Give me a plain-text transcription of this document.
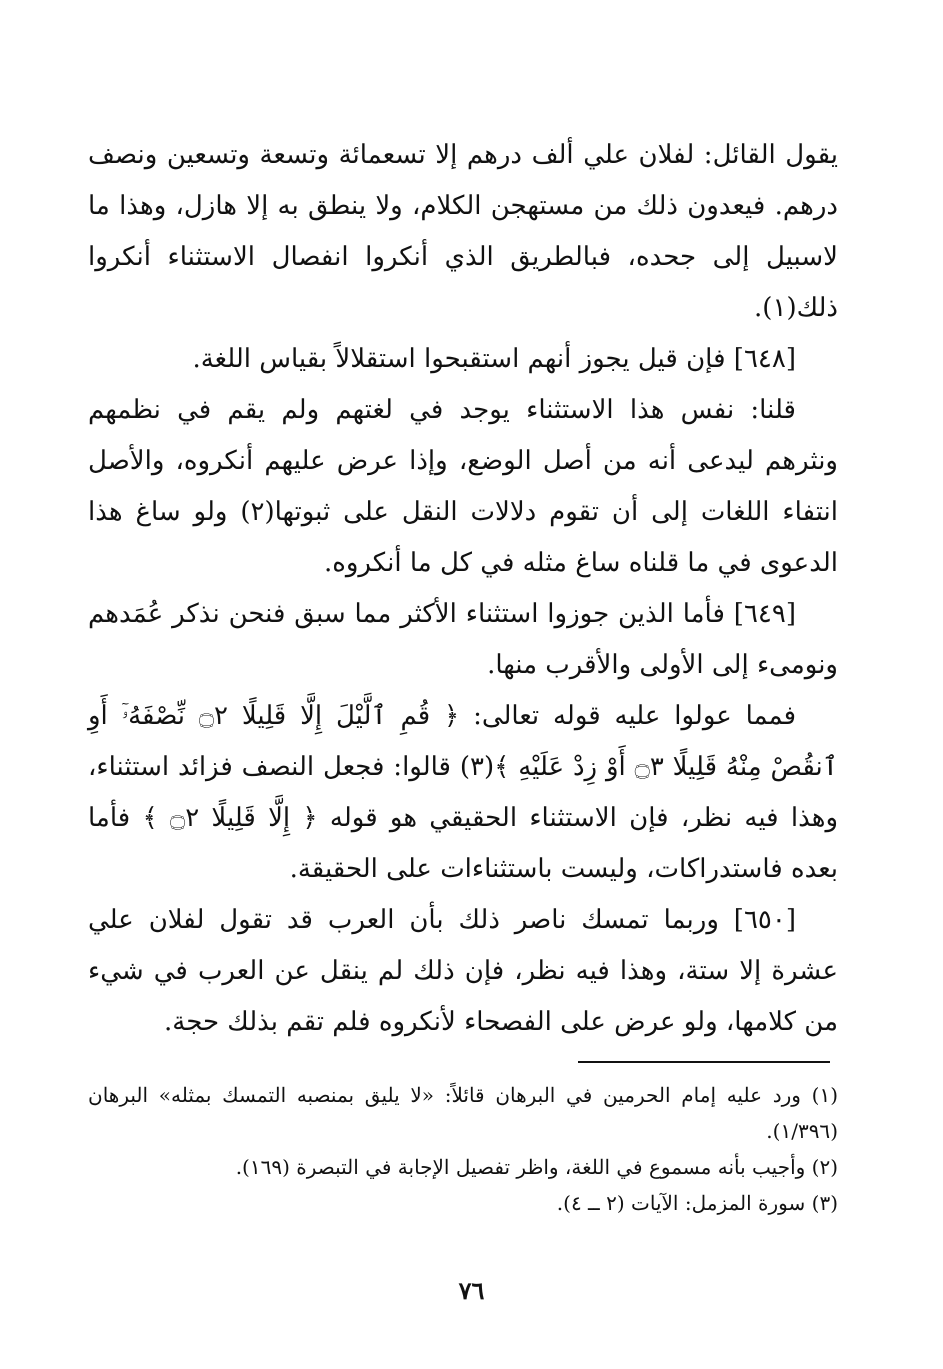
يقول القائل: لفلان علي ألف درهم إلا تسعمائة وتسعة وتسعين ونصف درهم. فيعدون ذلك من مستهجن الكلام، ولا ينطق به إلا هازل، وهذا ما لاسبيل إلى جحده، فبالطريق الذي أنكروا انفصال الاستثناء أنكروا ذلك(١).

[٦٤٨] فإن قيل يجوز أنهم استقبحوا استقلالاً بقياس اللغة.

قلنا: نفس هذا الاستثناء يوجد في لغتهم ولم يقم في نظمهم ونثرهم ليدعى أنه من أصل الوضع، وإذا عرض عليهم أنكروه، والأصل انتفاء اللغات إلى أن تقوم دلالات النقل على ثبوتها(٢) ولو ساغ هذا الدعوى في ما قلناه ساغ مثله في كل ما أنكروه.

[٦٤٩] فأما الذين جوزوا استثناء الأكثر مما سبق فنحن نذكر عُمَدهم ونومىء إلى الأولى والأقرب منها.

فمما عولوا عليه قوله تعالى: ﴿ قُمِ ٱلَّيْلَ إِلَّا قَلِيلًا ۝٢ نِّصْفَهُۥٓ أَوِ ٱنقُصْ مِنْهُ قَلِيلًا ۝٣ أَوْ زِدْ عَلَيْهِ ﴾(٣) قالوا: فجعل النصف فزائد استثناء، وهذا فيه نظر، فإن الاستثناء الحقيقي هو قوله ﴿ إِلَّا قَلِيلًا ۝٢ ﴾ فأما بعده فاستدراكات، وليست باستثناءات على الحقيقة.

[٦٥٠] وربما تمسك ناصر ذلك بأن العرب قد تقول لفلان علي عشرة إلا ستة، وهذا فيه نظر، فإن ذلك لم ينقل عن العرب في شيء من كلامها، ولو عرض على الفصحاء لأنكروه فلم تقم بذلك حجة.

(١) ورد عليه إمام الحرمين في البرهان قائلاً: «لا يليق بمنصبه التمسك بمثله» البرهان (١/٣٩٦).

(٢) وأجيب بأنه مسموع في اللغة، واظر تفصيل الإجابة في التبصرة (١٦٩).

(٣) سورة المزمل: الآيات (٢ ــ ٤).

٧٦
